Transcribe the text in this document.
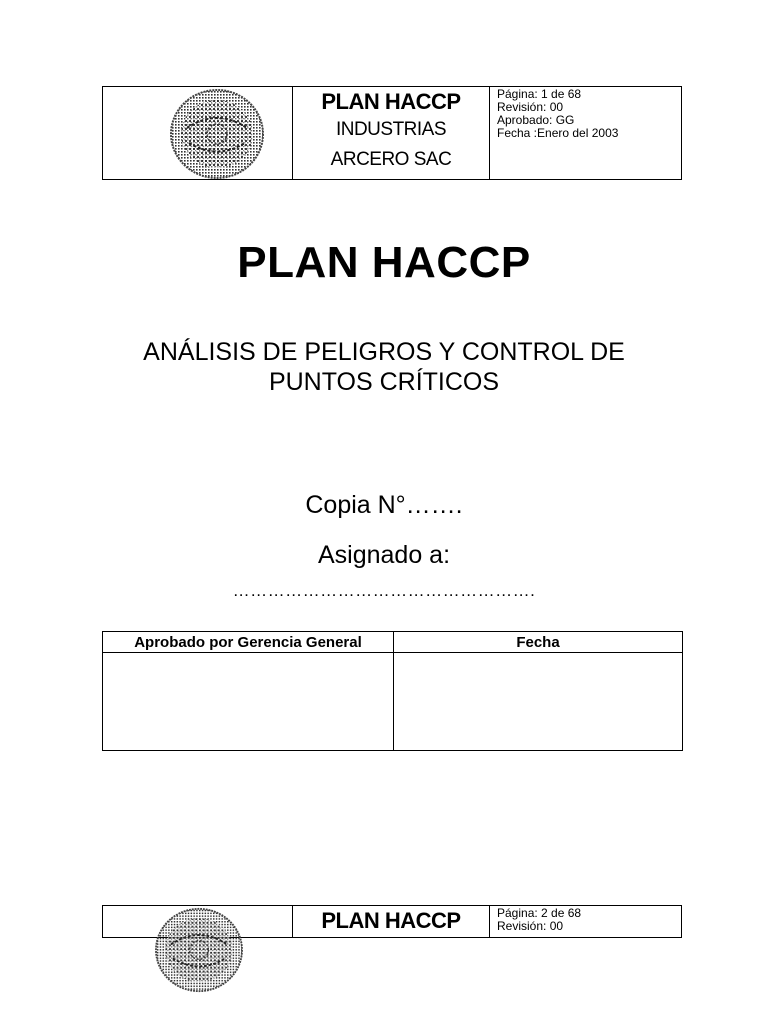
PLAN HACCP
INDUSTRIAS
ARCERO SAC
Página: 1 de 68
Revisión: 00
Aprobado: GG
Fecha :Enero del 2003
PLAN HACCP
ANÁLISIS DE PELIGROS Y CONTROL DE
PUNTOS CRÍTICOS
Copia N°…….
Asignado a:
…………………………………………….
Aprobado por Gerencia General	Fecha
PLAN HACCP	Página: 2 de 68
Revisión: 00
